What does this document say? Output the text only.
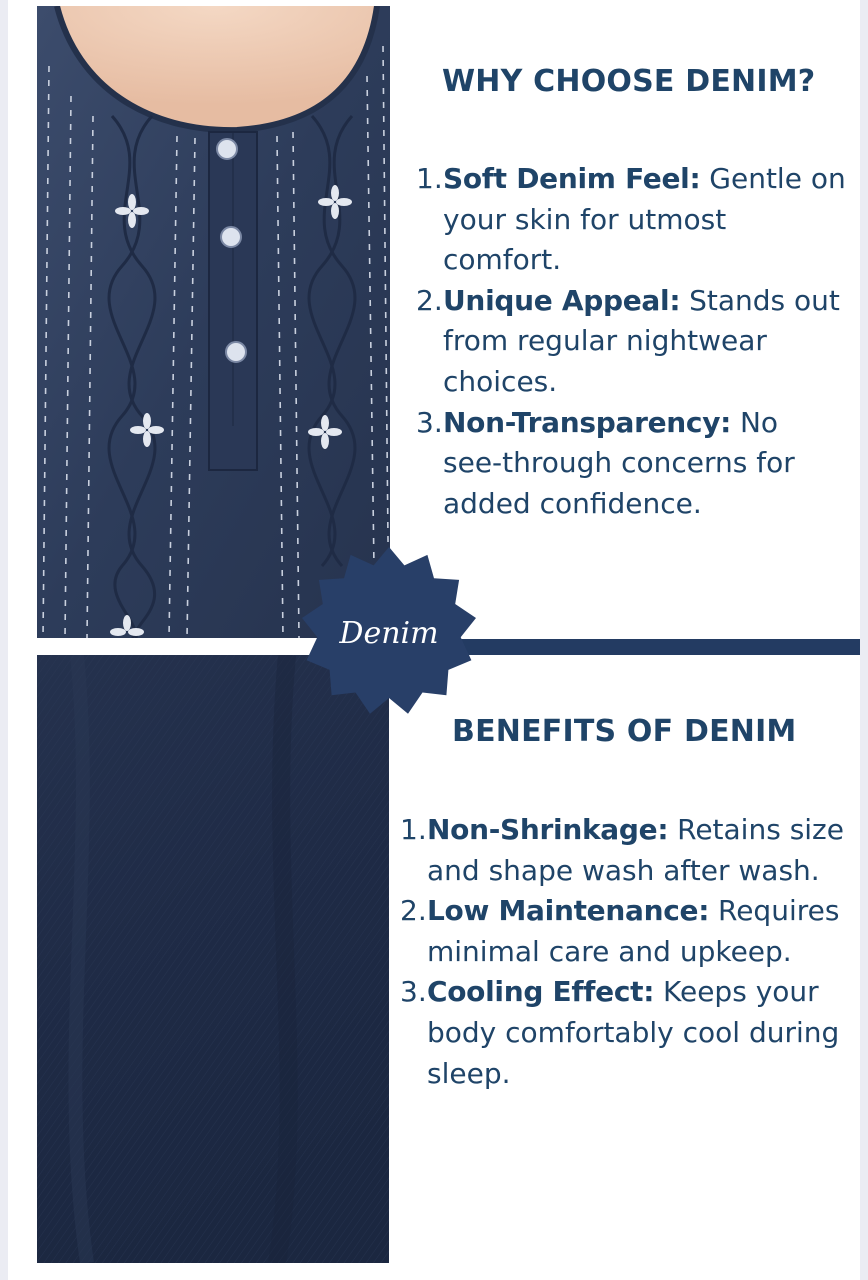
Denim
WHY CHOOSE DENIM?
1. Soft Denim Feel: Gentle on your skin for utmost comfort.
2. Unique Appeal: Stands out from regular nightwear choices.
3. Non-Transparency: No see-through concerns for added confidence.
BENEFITS OF DENIM
1. Non-Shrinkage: Retains size and shape wash after wash.
2. Low Maintenance: Requires minimal care and upkeep.
3. Cooling Effect: Keeps your body comfortably cool during sleep.
